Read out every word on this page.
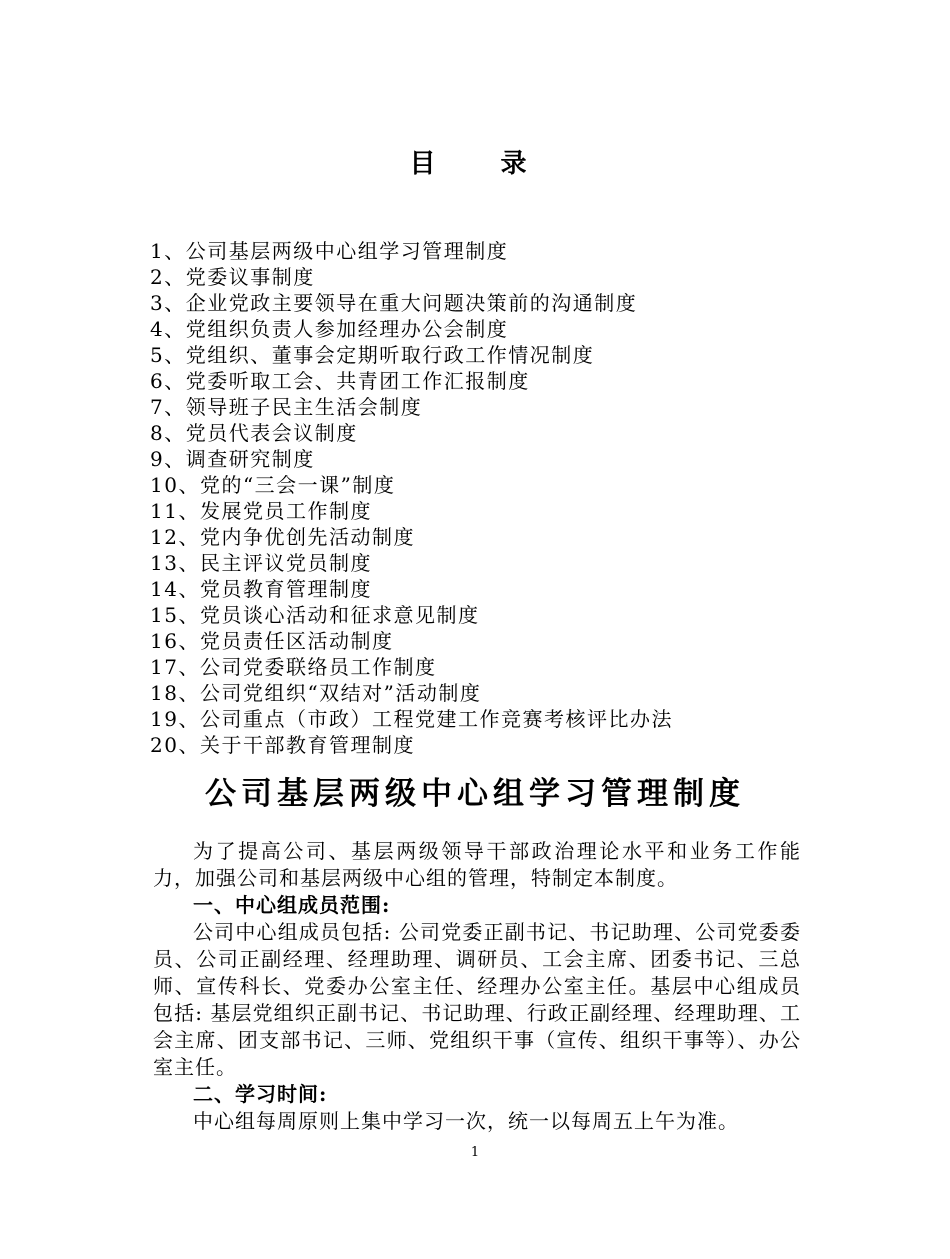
目 录
1、公司基层两级中心组学习管理制度
2、党委议事制度
3、企业党政主要领导在重大问题决策前的沟通制度
4、党组织负责人参加经理办公会制度
5、党组织、董事会定期听取行政工作情况制度
6、党委听取工会、共青团工作汇报制度
7、领导班子民主生活会制度
8、党员代表会议制度
9、调查研究制度
10、党的“三会一课”制度
11、发展党员工作制度
12、党内争优创先活动制度
13、民主评议党员制度
14、党员教育管理制度
15、党员谈心活动和征求意见制度
16、党员责任区活动制度
17、公司党委联络员工作制度
18、公司党组织“双结对”活动制度
19、公司重点（市政）工程党建工作竞赛考核评比办法
20、关于干部教育管理制度
公司基层两级中心组学习管理制度

为了提高公司、基层两级领导干部政治理论水平和业务工作能力，加强公司和基层两级中心组的管理，特制定本制度。

一、中心组成员范围:

公司中心组成员包括: 公司党委正副书记、书记助理、公司党委委员、公司正副经理、经理助理、调研员、工会主席、团委书记、三总师、宣传科长、党委办公室主任、经理办公室主任。基层中心组成员包括: 基层党组织正副书记、书记助理、行政正副经理、经理助理、工会主席、团支部书记、三师、党组织干事（宣传、组织干事等）、办公室主任。

二、学习时间:

中心组每周原则上集中学习一次，统一以每周五上午为准。

1
